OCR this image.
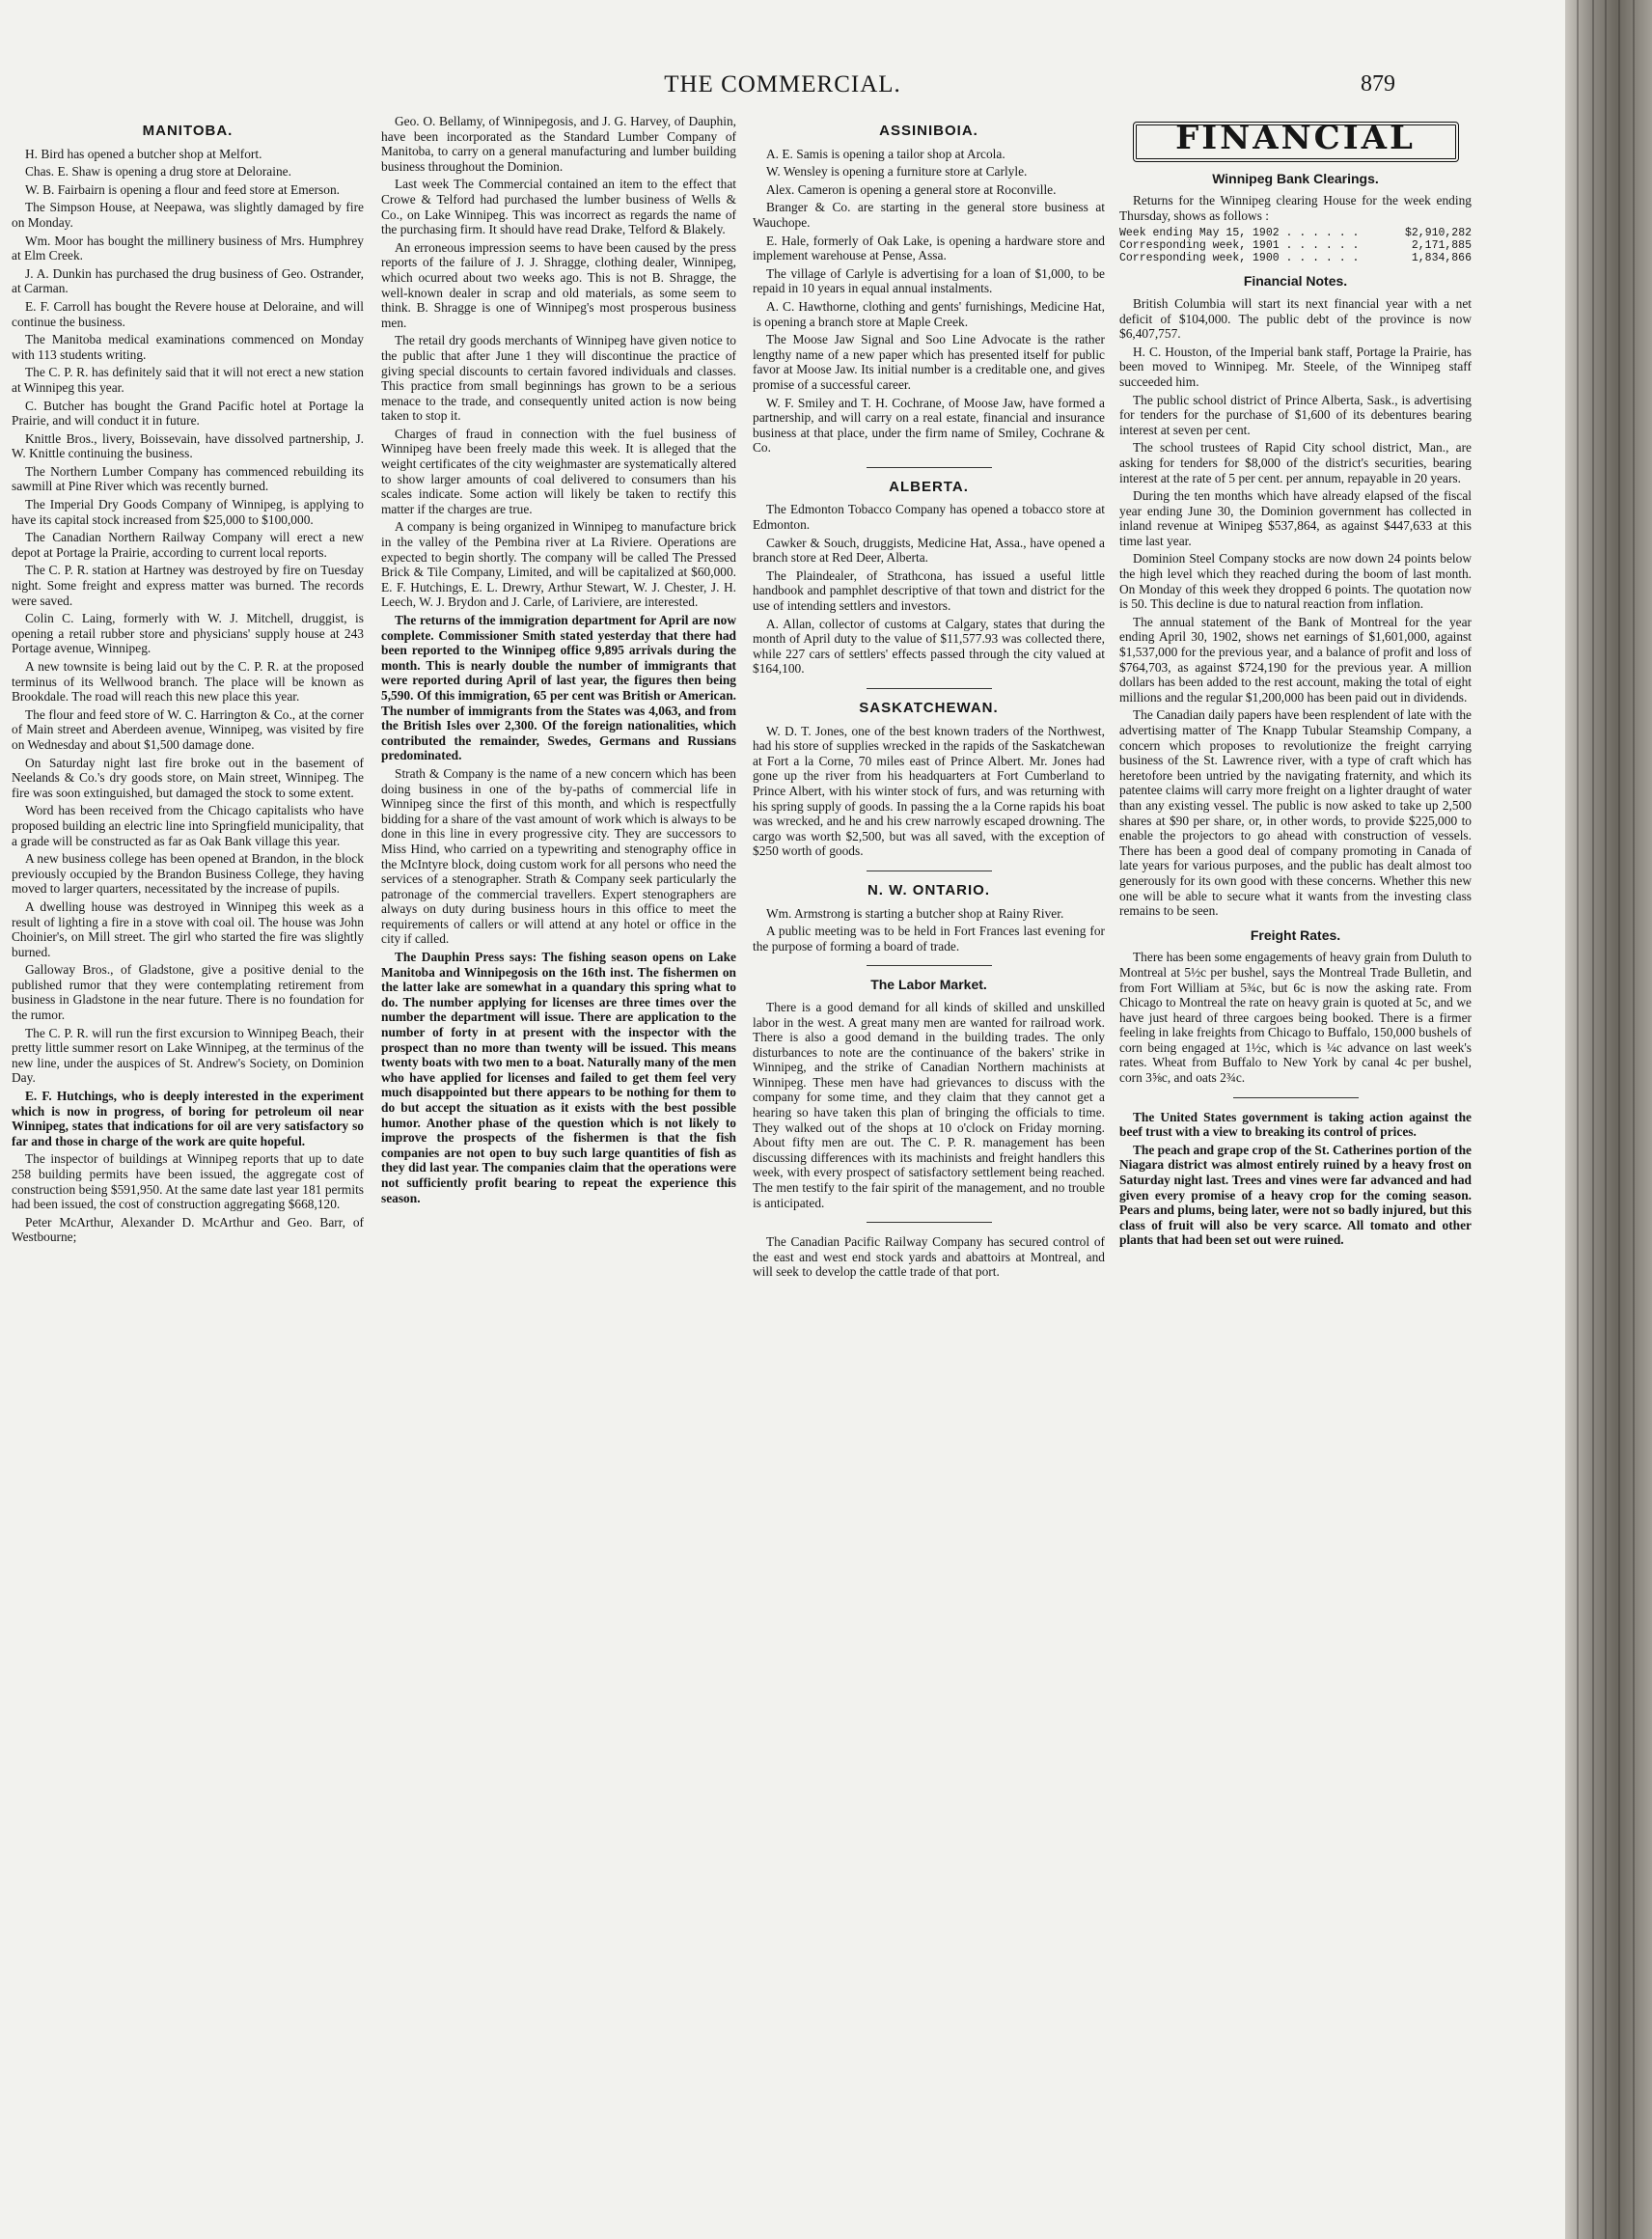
THE COMMERCIAL.	879
MANITOBA.

H. Bird has opened a butcher shop at Melfort.

Chas. E. Shaw is opening a drug store at Deloraine.

W. B. Fairbairn is opening a flour and feed store at Emerson.

The Simpson House, at Neepawa, was slightly damaged by fire on Monday.

Wm. Moor has bought the millinery business of Mrs. Humphrey at Elm Creek.

J. A. Dunkin has purchased the drug business of Geo. Ostrander, at Carman.

E. F. Carroll has bought the Revere house at Deloraine, and will continue the business.

The Manitoba medical examinations commenced on Monday with 113 students writing.

The C. P. R. has definitely said that it will not erect a new station at Winnipeg this year.

C. Butcher has bought the Grand Pacific hotel at Portage la Prairie, and will conduct it in future.

Knittle Bros., livery, Boissevain, have dissolved partnership, J. W. Knittle continuing the business.

The Northern Lumber Company has commenced rebuilding its sawmill at Pine River which was recently burned.

The Imperial Dry Goods Company of Winnipeg, is applying to have its capital stock increased from $25,000 to $100,000.

The Canadian Northern Railway Company will erect a new depot at Portage la Prairie, according to current local reports.

The C. P. R. station at Hartney was destroyed by fire on Tuesday night. Some freight and express matter was burned. The records were saved.

Colin C. Laing, formerly with W. J. Mitchell, druggist, is opening a retail rubber store and physicians' supply house at 243 Portage avenue, Winnipeg.

A new townsite is being laid out by the C. P. R. at the proposed terminus of its Wellwood branch. The place will be known as Brookdale. The road will reach this new place this year.

The flour and feed store of W. C. Harrington & Co., at the corner of Main street and Aberdeen avenue, Winnipeg, was visited by fire on Wednesday and about $1,500 damage done.

On Saturday night last fire broke out in the basement of Neelands & Co.'s dry goods store, on Main street, Winnipeg. The fire was soon extinguished, but damaged the stock to some extent.

Word has been received from the Chicago capitalists who have proposed building an electric line into Springfield municipality, that a grade will be constructed as far as Oak Bank village this year.

A new business college has been opened at Brandon, in the block previously occupied by the Brandon Business College, they having moved to larger quarters, necessitated by the increase of pupils.

A dwelling house was destroyed in Winnipeg this week as a result of lighting a fire in a stove with coal oil. The house was John Choinier's, on Mill street. The girl who started the fire was slightly burned.

Galloway Bros., of Gladstone, give a positive denial to the published rumor that they were contemplating retirement from business in Gladstone in the near future. There is no foundation for the rumor.

The C. P. R. will run the first excursion to Winnipeg Beach, their pretty little summer resort on Lake Winnipeg, at the terminus of the new line, under the auspices of St. Andrew's Society, on Dominion Day.

E. F. Hutchings, who is deeply interested in the experiment which is now in progress, of boring for petroleum oil near Winnipeg, states that indications for oil are very satisfactory so far and those in charge of the work are quite hopeful.

The inspector of buildings at Winnipeg reports that up to date 258 building permits have been issued, the aggregate cost of construction being $591,950. At the same date last year 181 permits had been issued, the cost of construction aggregating $668,120.

Peter McArthur, Alexander D. McArthur and Geo. Barr, of Westbourne;

Geo. O. Bellamy, of Winnipegosis, and J. G. Harvey, of Dauphin, have been incorporated as the Standard Lumber Company of Manitoba, to carry on a general manufacturing and lumber building business throughout the Dominion.

Last week The Commercial contained an item to the effect that Crowe & Telford had purchased the lumber business of Wells & Co., on Lake Winnipeg. This was incorrect as regards the name of the purchasing firm. It should have read Drake, Telford & Blakely.

An erroneous impression seems to have been caused by the press reports of the failure of J. J. Shragge, clothing dealer, Winnipeg, which ocurred about two weeks ago. This is not B. Shragge, the well-known dealer in scrap and old materials, as some seem to think. B. Shragge is one of Winnipeg's most prosperous business men.

The retail dry goods merchants of Winnipeg have given notice to the public that after June 1 they will discontinue the practice of giving special discounts to certain favored individuals and classes. This practice from small beginnings has grown to be a serious menace to the trade, and consequently united action is now being taken to stop it.

Charges of fraud in connection with the fuel business of Winnipeg have been freely made this week. It is alleged that the weight certificates of the city weighmaster are systematically altered to show larger amounts of coal delivered to consumers than his scales indicate. Some action will likely be taken to rectify this matter if the charges are true.

A company is being organized in Winnipeg to manufacture brick in the valley of the Pembina river at La Riviere. Operations are expected to begin shortly. The company will be called The Pressed Brick & Tile Company, Limited, and will be capitalized at $60,000. E. F. Hutchings, E. L. Drewry, Arthur Stewart, W. J. Chester, J. H. Leech, W. J. Brydon and J. Carle, of Lariviere, are interested.

The returns of the immigration department for April are now complete. Commissioner Smith stated yesterday that there had been reported to the Winnipeg office 9,895 arrivals during the month. This is nearly double the number of immigrants that were reported during April of last year, the figures then being 5,590. Of this immigration, 65 per cent was British or American. The number of immigrants from the States was 4,063, and from the British Isles over 2,300. Of the foreign nationalities, which contributed the remainder, Swedes, Germans and Russians predominated.

Strath & Company is the name of a new concern which has been doing business in one of the by-paths of commercial life in Winnipeg since the first of this month, and which is respectfully bidding for a share of the vast amount of work which is always to be done in this line in every progressive city. They are successors to Miss Hind, who carried on a typewriting and stenography office in the McIntyre block, doing custom work for all persons who need the services of a stenographer. Strath & Company seek particularly the patronage of the commercial travellers. Expert stenographers are always on duty during business hours in this office to meet the requirements of callers or will attend at any hotel or office in the city if called.

The Dauphin Press says: The fishing season opens on Lake Manitoba and Winnipegosis on the 16th inst. The fishermen on the latter lake are somewhat in a quandary this spring what to do. The number applying for licenses are three times over the number the department will issue. There are application to the number of forty in at present with the inspector with the prospect than no more than twenty will be issued. This means twenty boats with two men to a boat. Naturally many of the men who have applied for licenses and failed to get them feel very much disappointed but there appears to be nothing for them to do but accept the situation as it exists with the best possible humor. Another phase of the question which is not likely to improve the prospects of the fishermen is that the fish companies are not open to buy such large quantities of fish as they did last year. The companies claim that the operations were not sufficiently profit bearing to repeat the experience this season.

ASSINIBOIA.

A. E. Samis is opening a tailor shop at Arcola.

W. Wensley is opening a furniture store at Carlyle.

Alex. Cameron is opening a general store at Roconville.

Branger & Co. are starting in the general store business at Wauchope.

E. Hale, formerly of Oak Lake, is opening a hardware store and implement warehouse at Pense, Assa.

The village of Carlyle is advertising for a loan of $1,000, to be repaid in 10 years in equal annual instalments.

A. C. Hawthorne, clothing and gents' furnishings, Medicine Hat, is opening a branch store at Maple Creek.

The Moose Jaw Signal and Soo Line Advocate is the rather lengthy name of a new paper which has presented itself for public favor at Moose Jaw. Its initial number is a creditable one, and gives promise of a successful career.

W. F. Smiley and T. H. Cochrane, of Moose Jaw, have formed a partnership, and will carry on a real estate, financial and insurance business at that place, under the firm name of Smiley, Cochrane & Co.

ALBERTA.

The Edmonton Tobacco Company has opened a tobacco store at Edmonton.

Cawker & Souch, druggists, Medicine Hat, Assa., have opened a branch store at Red Deer, Alberta.

The Plaindealer, of Strathcona, has issued a useful little handbook and pamphlet descriptive of that town and district for the use of intending settlers and investors.

A. Allan, collector of customs at Calgary, states that during the month of April duty to the value of $11,577.93 was collected there, while 227 cars of settlers' effects passed through the city valued at $164,100.

SASKATCHEWAN.

W. D. T. Jones, one of the best known traders of the Northwest, had his store of supplies wrecked in the rapids of the Saskatchewan at Fort a la Corne, 70 miles east of Prince Albert. Mr. Jones had gone up the river from his headquarters at Fort Cumberland to Prince Albert, with his winter stock of furs, and was returning with his spring supply of goods. In passing the a la Corne rapids his boat was wrecked, and he and his crew narrowly escaped drowning. The cargo was worth $2,500, but was all saved, with the exception of $250 worth of goods.

N. W. ONTARIO.

Wm. Armstrong is starting a butcher shop at Rainy River.

A public meeting was to be held in Fort Frances last evening for the purpose of forming a board of trade.

The Labor Market.

There is a good demand for all kinds of skilled and unskilled labor in the west. A great many men are wanted for railroad work. There is also a good demand in the building trades. The only disturbances to note are the continuance of the bakers' strike in Winnipeg, and the strike of Canadian Northern machinists at Winnipeg. These men have had grievances to discuss with the company for some time, and they claim that they cannot get a hearing so have taken this plan of bringing the officials to time. They walked out of the shops at 10 o'clock on Friday morning. About fifty men are out. The C. P. R. management has been discussing differences with its machinists and freight handlers this week, with every prospect of satisfactory settlement being reached. The men testify to the fair spirit of the management, and no trouble is anticipated.

The Canadian Pacific Railway Company has secured control of the east and west end stock yards and abattoirs at Montreal, and will seek to develop the cattle trade of that port.

FINANCIAL
Winnipeg Bank Clearings.

Returns for the Winnipeg clearing House for the week ending Thursday, shows as follows :

Week ending May 15, 1902 . . . . . .	$2,910,282
Corresponding week, 1901 . . . . . .	2,171,885
Corresponding week, 1900 . . . . . .	1,834,866
Financial Notes.

British Columbia will start its next financial year with a net deficit of $104,000. The public debt of the province is now $6,407,757.

H. C. Houston, of the Imperial bank staff, Portage la Prairie, has been moved to Winnipeg. Mr. Steele, of the Winnipeg staff succeeded him.

The public school district of Prince Alberta, Sask., is advertising for tenders for the purchase of $1,600 of its debentures bearing interest at seven per cent.

The school trustees of Rapid City school district, Man., are asking for tenders for $8,000 of the district's securities, bearing interest at the rate of 5 per cent. per annum, repayable in 20 years.

During the ten months which have already elapsed of the fiscal year ending June 30, the Dominion government has collected in inland revenue at Winipeg $537,864, as against $447,633 at this time last year.

Dominion Steel Company stocks are now down 24 points below the high level which they reached during the boom of last month. On Monday of this week they dropped 6 points. The quotation now is 50. This decline is due to natural reaction from inflation.

The annual statement of the Bank of Montreal for the year ending April 30, 1902, shows net earnings of $1,601,000, against $1,537,000 for the previous year, and a balance of profit and loss of $764,703, as against $724,190 for the previous year. A million dollars has been added to the rest account, making the total of eight millions and the regular $1,200,000 has been paid out in dividends.

The Canadian daily papers have been resplendent of late with the advertising matter of The Knapp Tubular Steamship Company, a concern which proposes to revolutionize the freight carrying business of the St. Lawrence river, with a type of craft which has heretofore been untried by the navigating fraternity, and which its patentee claims will carry more freight on a lighter draught of water than any existing vessel. The public is now asked to take up 2,500 shares at $90 per share, or, in other words, to provide $225,000 to enable the projectors to go ahead with construction of vessels. There has been a good deal of company promoting in Canada of late years for various purposes, and the public has dealt almost too generously for its own good with these concerns. Whether this new one will be able to secure what it wants from the investing class remains to be seen.

Freight Rates.

There has been some engagements of heavy grain from Duluth to Montreal at 5½c per bushel, says the Montreal Trade Bulletin, and from Fort William at 5¾c, but 6c is now the asking rate. From Chicago to Montreal the rate on heavy grain is quoted at 5c, and we have just heard of three cargoes being booked. There is a firmer feeling in lake freights from Chicago to Buffalo, 150,000 bushels of corn being engaged at 1½c, which is ¼c advance on last week's rates. Wheat from Buffalo to New York by canal 4c per bushel, corn 3⅝c, and oats 2¾c.

The United States government is taking action against the beef trust with a view to breaking its control of prices.

The peach and grape crop of the St. Catherines portion of the Niagara district was almost entirely ruined by a heavy frost on Saturday night last. Trees and vines were far advanced and had given every promise of a heavy crop for the coming season. Pears and plums, being later, were not so badly injured, but this class of fruit will also be very scarce. All tomato and other plants that had been set out were ruined.
